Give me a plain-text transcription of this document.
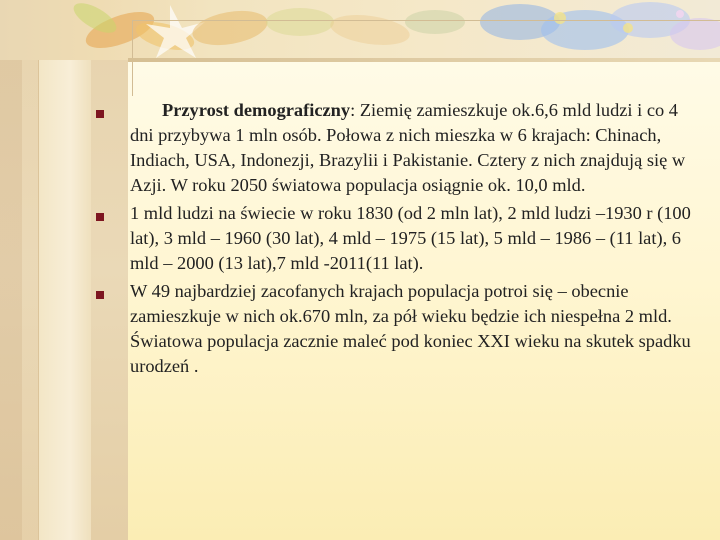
Przyrost demograficzny: Ziemię zamieszkuje ok.6,6 mld ludzi i co 4 dni przybywa 1 mln osób. Połowa z nich mieszka w 6 krajach: Chinach, Indiach, USA, Indonezji, Brazylii i Pakistanie. Cztery z nich znajdują się w Azji. W roku 2050 światowa populacja osiągnie ok. 10,0 mld.
1 mld ludzi na świecie w roku 1830 (od 2 mln lat), 2 mld ludzi –1930 r (100 lat), 3 mld – 1960 (30 lat), 4 mld – 1975 (15 lat), 5 mld – 1986 – (11 lat), 6 mld – 2000 (13 lat),7 mld -2011(11 lat).
W 49 najbardziej zacofanych krajach populacja potroi się – obecnie zamieszkuje w nich ok.670 mln, za pół wieku będzie ich niespełna 2 mld. Światowa populacja zacznie maleć pod koniec XXI wieku na skutek spadku urodzeń .
